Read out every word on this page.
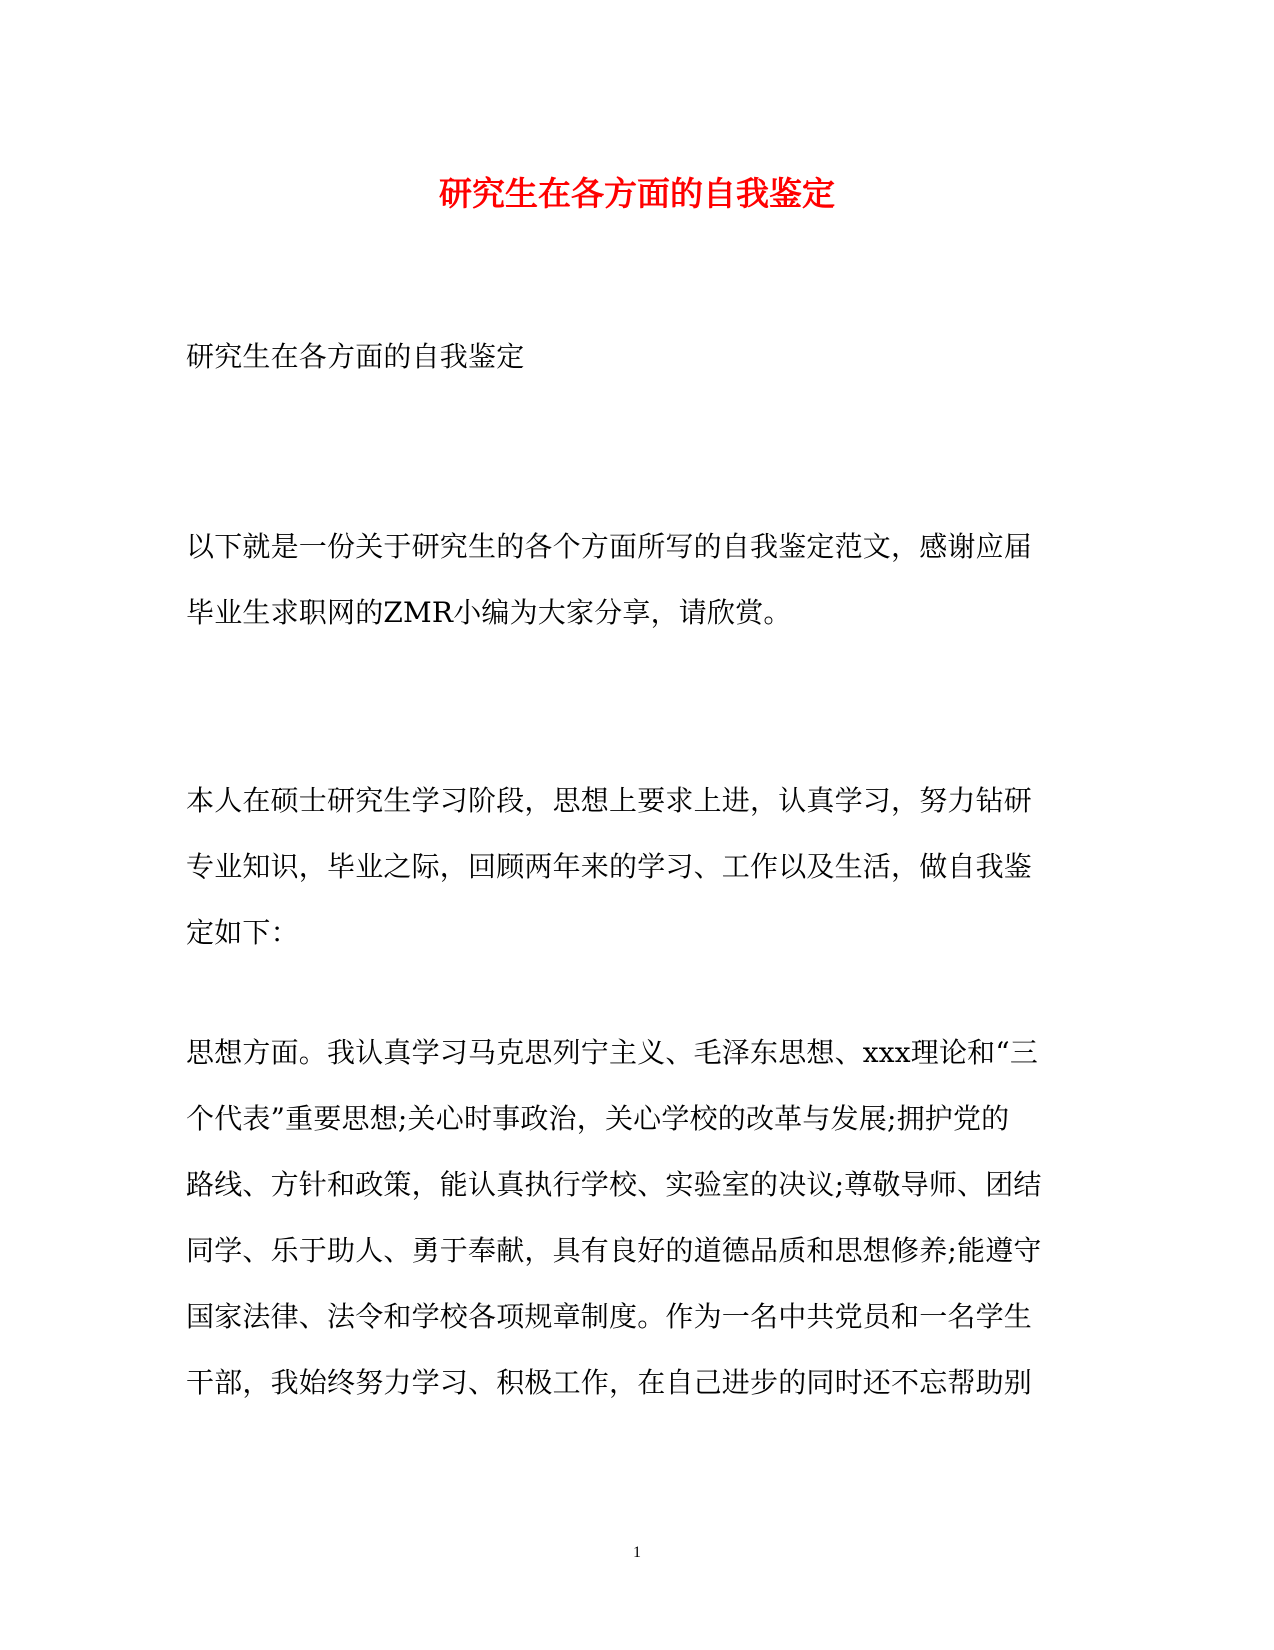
研究生在各方面的自我鉴定

研究生在各方面的自我鉴定

以下就是一份关于研究生的各个方面所写的自我鉴定范文，感谢应届
毕业生求职网的ZMR小编为大家分享，请欣赏。

本人在硕士研究生学习阶段，思想上要求上进，认真学习，努力钻研
专业知识，毕业之际，回顾两年来的学习、工作以及生活，做自我鉴
定如下：

思想方面。我认真学习马克思列宁主义、毛泽东思想、xxx理论和“三
个代表”重要思想;关心时事政治，关心学校的改革与发展;拥护党的
路线、方针和政策，能认真执行学校、实验室的决议;尊敬导师、团结
同学、乐于助人、勇于奉献，具有良好的道德品质和思想修养;能遵守
国家法律、法令和学校各项规章制度。作为一名中共党员和一名学生
干部，我始终努力学习、积极工作，在自己进步的同时还不忘帮助别

1
